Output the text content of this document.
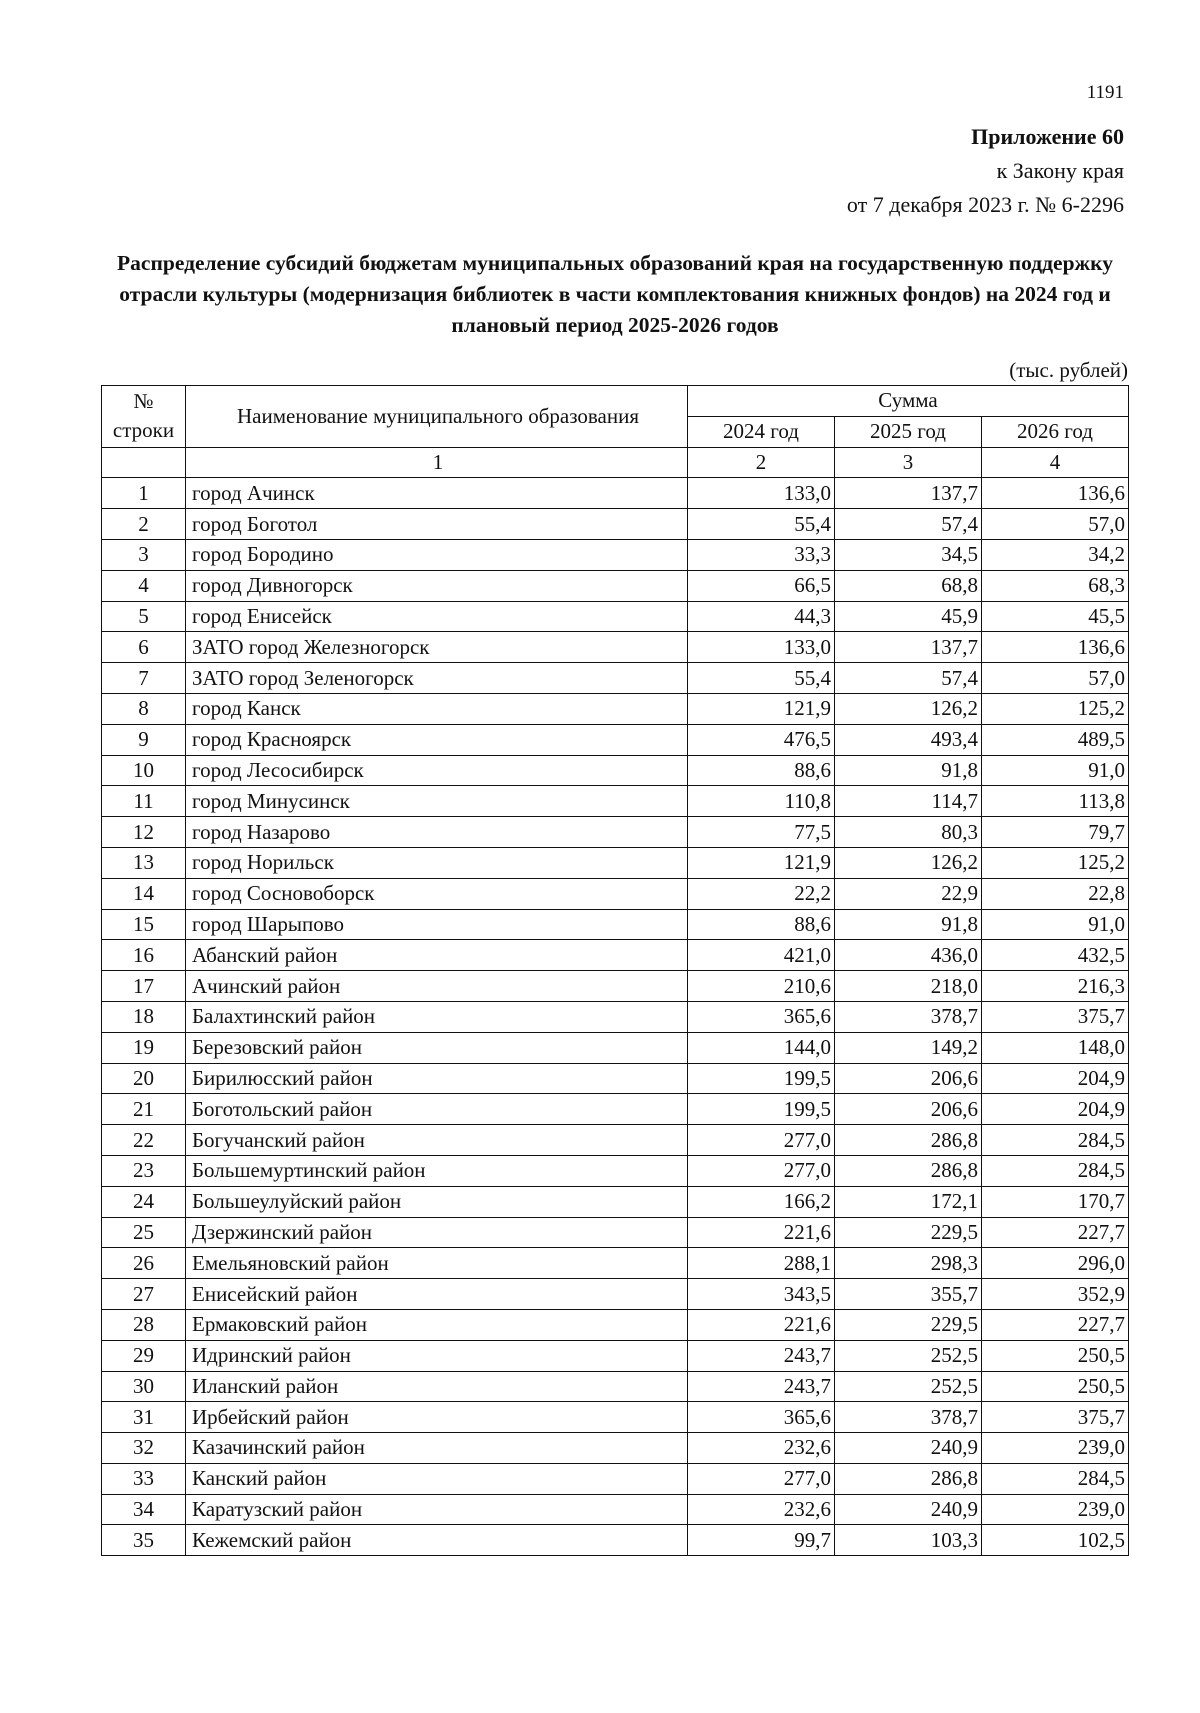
1191
Приложение 60
к Закону края
от 7 декабря 2023 г. № 6-2296
Распределение субсидий бюджетам муниципальных образований края на государственную поддержку отрасли культуры (модернизация библиотек в части комплектования книжных фондов) на 2024 год и плановый период 2025-2026 годов
(тыс. рублей)
№
строки	Наименование муниципального образования	Сумма		
		2024 год	2025 год	2026 год
	1	2	3	4
1	город Ачинск	133,0	137,7	136,6
2	город Боготол	55,4	57,4	57,0
3	город Бородино	33,3	34,5	34,2
4	город Дивногорск	66,5	68,8	68,3
5	город Енисейск	44,3	45,9	45,5
6	ЗАТО город Железногорск	133,0	137,7	136,6
7	ЗАТО город Зеленогорск	55,4	57,4	57,0
8	город Канск	121,9	126,2	125,2
9	город Красноярск	476,5	493,4	489,5
10	город Лесосибирск	88,6	91,8	91,0
11	город Минусинск	110,8	114,7	113,8
12	город Назарово	77,5	80,3	79,7
13	город Норильск	121,9	126,2	125,2
14	город Сосновоборск	22,2	22,9	22,8
15	город Шарыпово	88,6	91,8	91,0
16	Абанский район	421,0	436,0	432,5
17	Ачинский район	210,6	218,0	216,3
18	Балахтинский район	365,6	378,7	375,7
19	Березовский район	144,0	149,2	148,0
20	Бирилюсский район	199,5	206,6	204,9
21	Боготольский район	199,5	206,6	204,9
22	Богучанский район	277,0	286,8	284,5
23	Большемуртинский район	277,0	286,8	284,5
24	Большеулуйский район	166,2	172,1	170,7
25	Дзержинский район	221,6	229,5	227,7
26	Емельяновский район	288,1	298,3	296,0
27	Енисейский район	343,5	355,7	352,9
28	Ермаковский район	221,6	229,5	227,7
29	Идринский район	243,7	252,5	250,5
30	Иланский район	243,7	252,5	250,5
31	Ирбейский район	365,6	378,7	375,7
32	Казачинский район	232,6	240,9	239,0
33	Канский район	277,0	286,8	284,5
34	Каратузский район	232,6	240,9	239,0
35	Кежемский район	99,7	103,3	102,5
